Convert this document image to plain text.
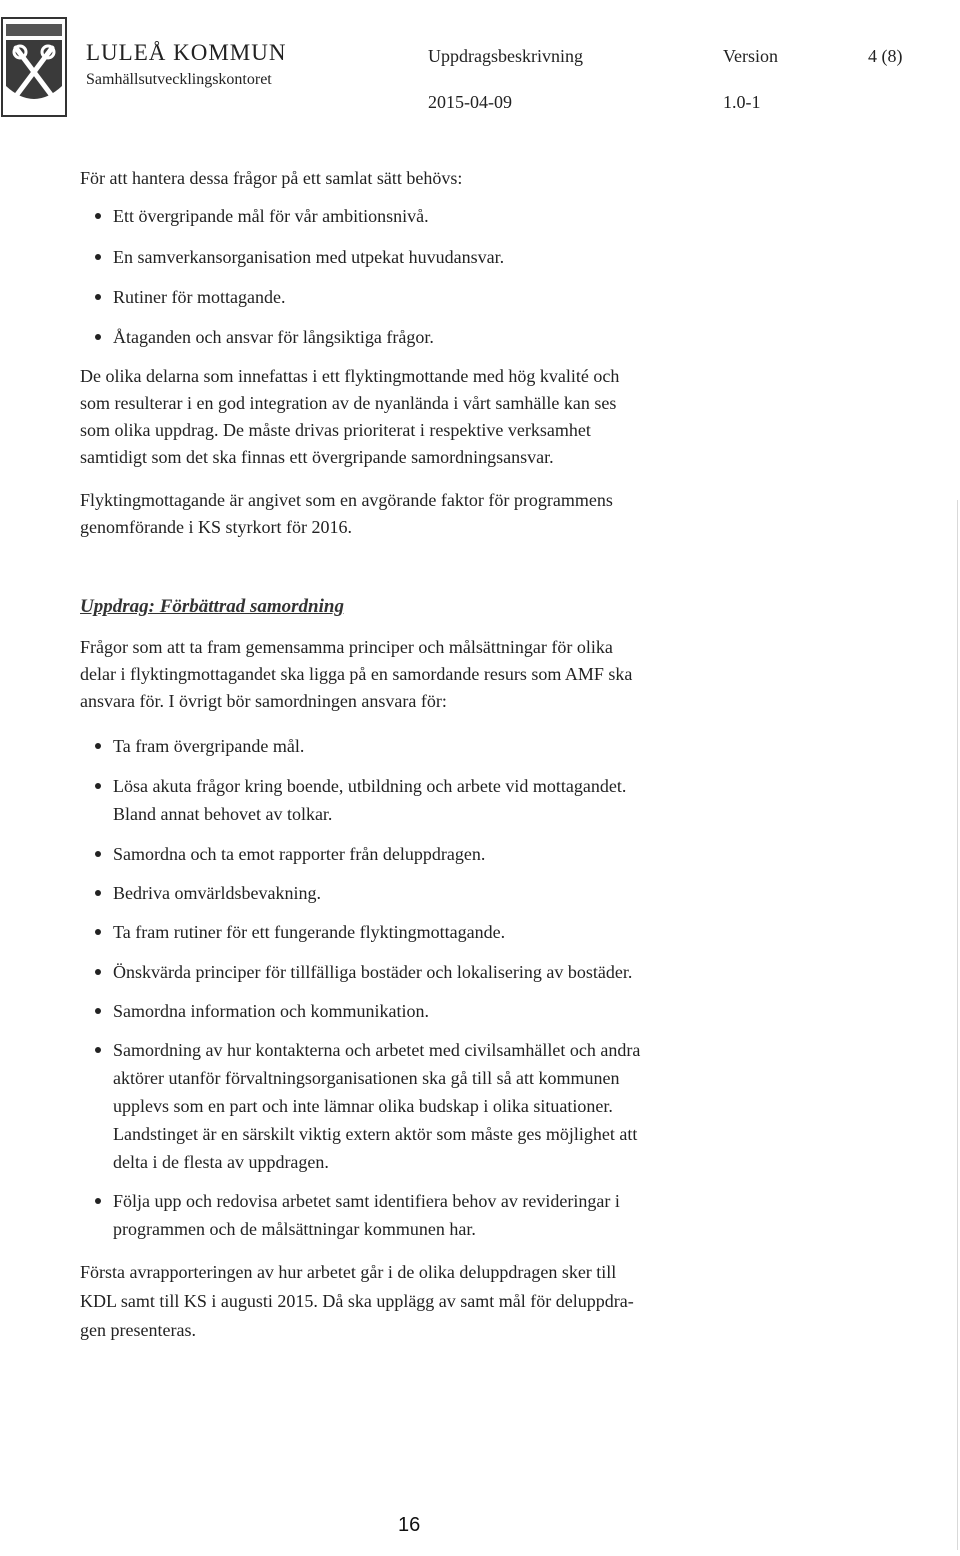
LULEÅ KOMMUN
Samhällsutvecklingskontoret
Uppdragsbeskrivning
2015-04-09
Version
1.0-1
4 (8)

För att hantera dessa frågor på ett samlat sätt behövs:

Ett övergripande mål för vår ambitionsnivå.
En samverkansorganisation med utpekat huvudansvar.
Rutiner för mottagande.
Åtaganden och ansvar för långsiktiga frågor.
De olika delarna som innefattas i ett flyktingmottande med hög kvalité och
som resulterar i en god integration av de nyanlända i vårt samhälle kan ses
som olika uppdrag. De måste drivas prioriterat i respektive verksamhet
samtidigt som det ska finnas ett övergripande samordningsansvar.
Flyktingmottagande är angivet som en avgörande faktor för programmens
genomförande i KS styrkort för 2016.
Uppdrag: Förbättrad samordning
Frågor som att ta fram gemensamma principer och målsättningar för olika
delar i flyktingmottagandet ska ligga på en samordande resurs som AMF ska
ansvara för. I övrigt bör samordningen ansvara för:
Ta fram övergripande mål.
Lösa akuta frågor kring boende, utbildning och arbete vid mottagandet.
Bland annat behovet av tolkar.
Samordna och ta emot rapporter från deluppdragen.
Bedriva omvärldsbevakning.
Ta fram rutiner för ett fungerande flyktingmottagande.
Önskvärda principer för tillfälliga bostäder och lokalisering av bostäder.
Samordna information och kommunikation.
Samordning av hur kontakterna och arbetet med civilsamhället och andra
aktörer utanför förvaltningsorganisationen ska gå till så att kommunen
upplevs som en part och inte lämnar olika budskap i olika situationer.
Landstinget är en särskilt viktig extern aktör som måste ges möjlighet att
delta i de flesta av uppdragen.
Följa upp och redovisa arbetet samt identifiera behov av revideringar i
programmen och de målsättningar kommunen har.
Första avrapporteringen av hur arbetet går i de olika deluppdragen sker till
KDL samt till KS i augusti 2015. Då ska upplägg av samt mål för deluppdra-
gen presenteras.
16
